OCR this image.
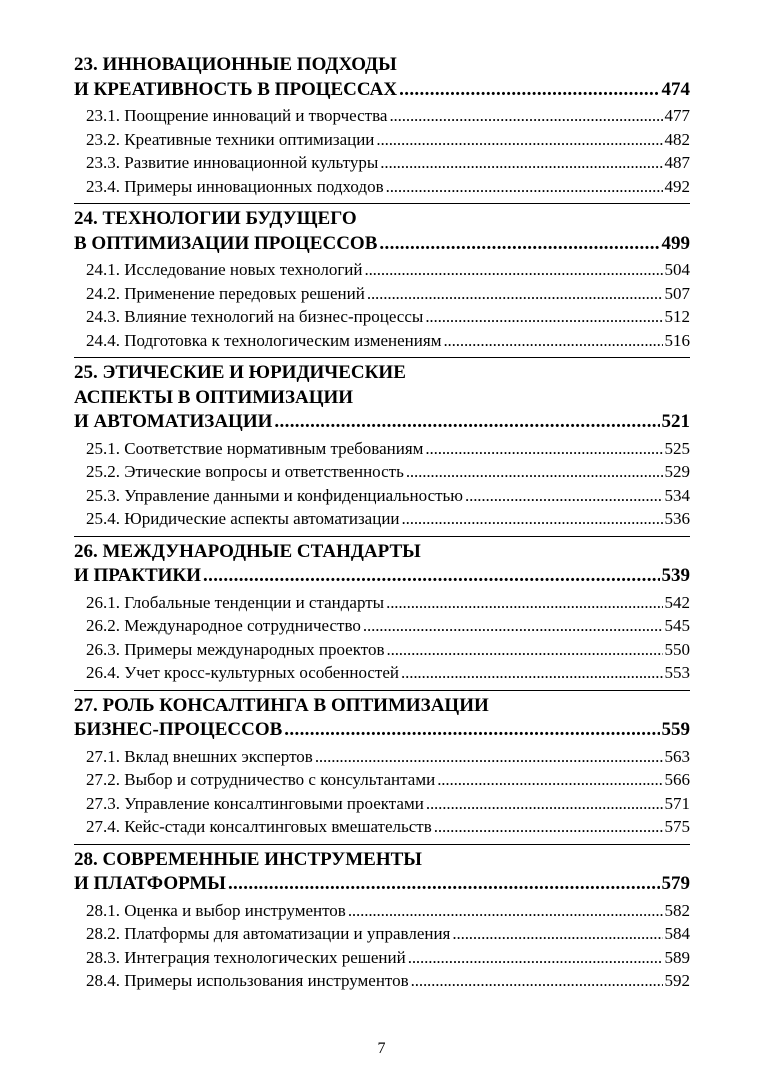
23. ИННОВАЦИОННЫЕ ПОДХОДЫ
И КРЕАТИВНОСТЬ В ПРОЦЕССАХ . . .	474
23.1. Поощрение инноваций и творчества . . .	477
23.2. Креативные техники оптимизации . . .	482
23.3. Развитие инновационной культуры . . .	487
23.4. Примеры инновационных подходов . . .	492
24. ТЕХНОЛОГИИ БУДУЩЕГО
В ОПТИМИЗАЦИИ ПРОЦЕССОВ . . .	499
24.1. Исследование новых технологий . . .	504
24.2. Применение передовых решений . . .	507
24.3. Влияние технологий на бизнес-процессы . . .	512
24.4. Подготовка к технологическим изменениям . . .	516
25. ЭТИЧЕСКИЕ И ЮРИДИЧЕСКИЕ
АСПЕКТЫ В ОПТИМИЗАЦИИ
И АВТОМАТИЗАЦИИ . . .	521
25.1. Соответствие нормативным требованиям . . .	525
25.2. Этические вопросы и ответственность . . .	529
25.3. Управление данными и конфиденциальностью . . .	534
25.4. Юридические аспекты автоматизации . . .	536
26. МЕЖДУНАРОДНЫЕ СТАНДАРТЫ
И ПРАКТИКИ . . .	539
26.1. Глобальные тенденции и стандарты . . .	542
26.2. Международное сотрудничество . . .	545
26.3. Примеры международных проектов . . .	550
26.4. Учет кросс-культурных особенностей . . .	553
27. РОЛЬ КОНСАЛТИНГА В ОПТИМИЗАЦИИ
БИЗНЕС-ПРОЦЕССОВ . . .	559
27.1. Вклад внешних экспертов . . .	563
27.2. Выбор и сотрудничество с консультантами . . .	566
27.3. Управление консалтинговыми проектами . . .	571
27.4. Кейс-стади консалтинговых вмешательств . . .	575
28. СОВРЕМЕННЫЕ ИНСТРУМЕНТЫ
И ПЛАТФОРМЫ . . .	579
28.1. Оценка и выбор инструментов . . .	582
28.2. Платформы для автоматизации и управления . . .	584
28.3. Интеграция технологических решений . . .	589
28.4. Примеры использования инструментов . . .	592
7
